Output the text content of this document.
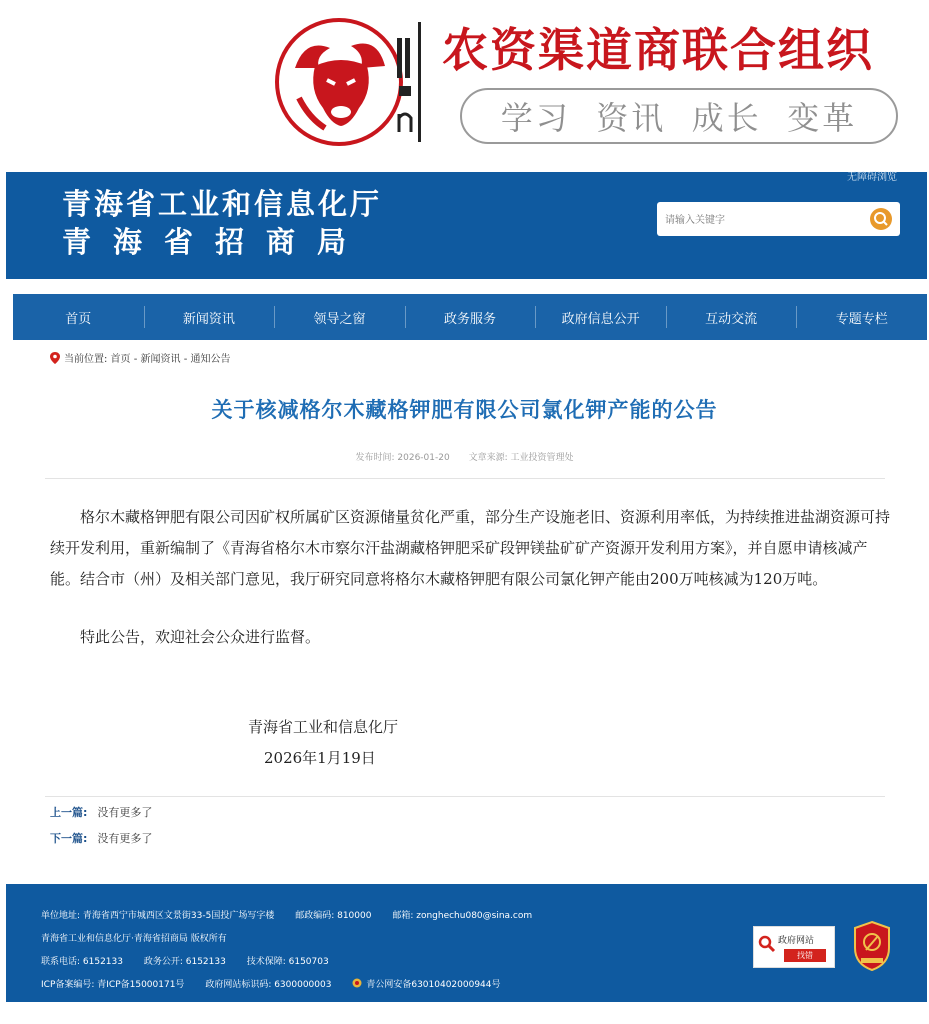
农资渠道商联合组织
学习 资讯 成长 变革
无障碍浏览
青海省工业和信息化厅
青海省招商局
请输入关键字
首页	新闻资讯	领导之窗	政务服务	政府信息公开	互动交流	专题专栏
当前位置: 首页 - 新闻资讯 - 通知公告
关于核减格尔木藏格钾肥有限公司氯化钾产能的公告
发布时间: 2026-01-20 文章来源: 工业投资管理处
格尔木藏格钾肥有限公司因矿权所属矿区资源储量贫化严重，部分生产设施老旧、资源利用率低，为持续推进盐湖资源可持续开发利用，重新编制了《青海省格尔木市察尔汗盐湖藏格钾肥采矿段钾镁盐矿矿产资源开发利用方案》，并自愿申请核减产能。结合市（州）及相关部门意见，我厅研究同意将格尔木藏格钾肥有限公司氯化钾产能由200万吨核减为120万吨。
特此公告，欢迎社会公众进行监督。
青海省工业和信息化厅
2026年1月19日
上一篇: 没有更多了
下一篇: 没有更多了
单位地址: 青海省西宁市城西区文景街33-5国投广场写字楼 邮政编码: 810000 邮箱: zonghechu080@sina.com
青海省工业和信息化厅·青海省招商局 版权所有
联系电话: 6152133 政务公开: 6152133 技术保障: 6150703
ICP备案编号: 青ICP备15000171号 政府网站标识码: 6300000003	青公网安备63010402000944号
政府网站
找错
